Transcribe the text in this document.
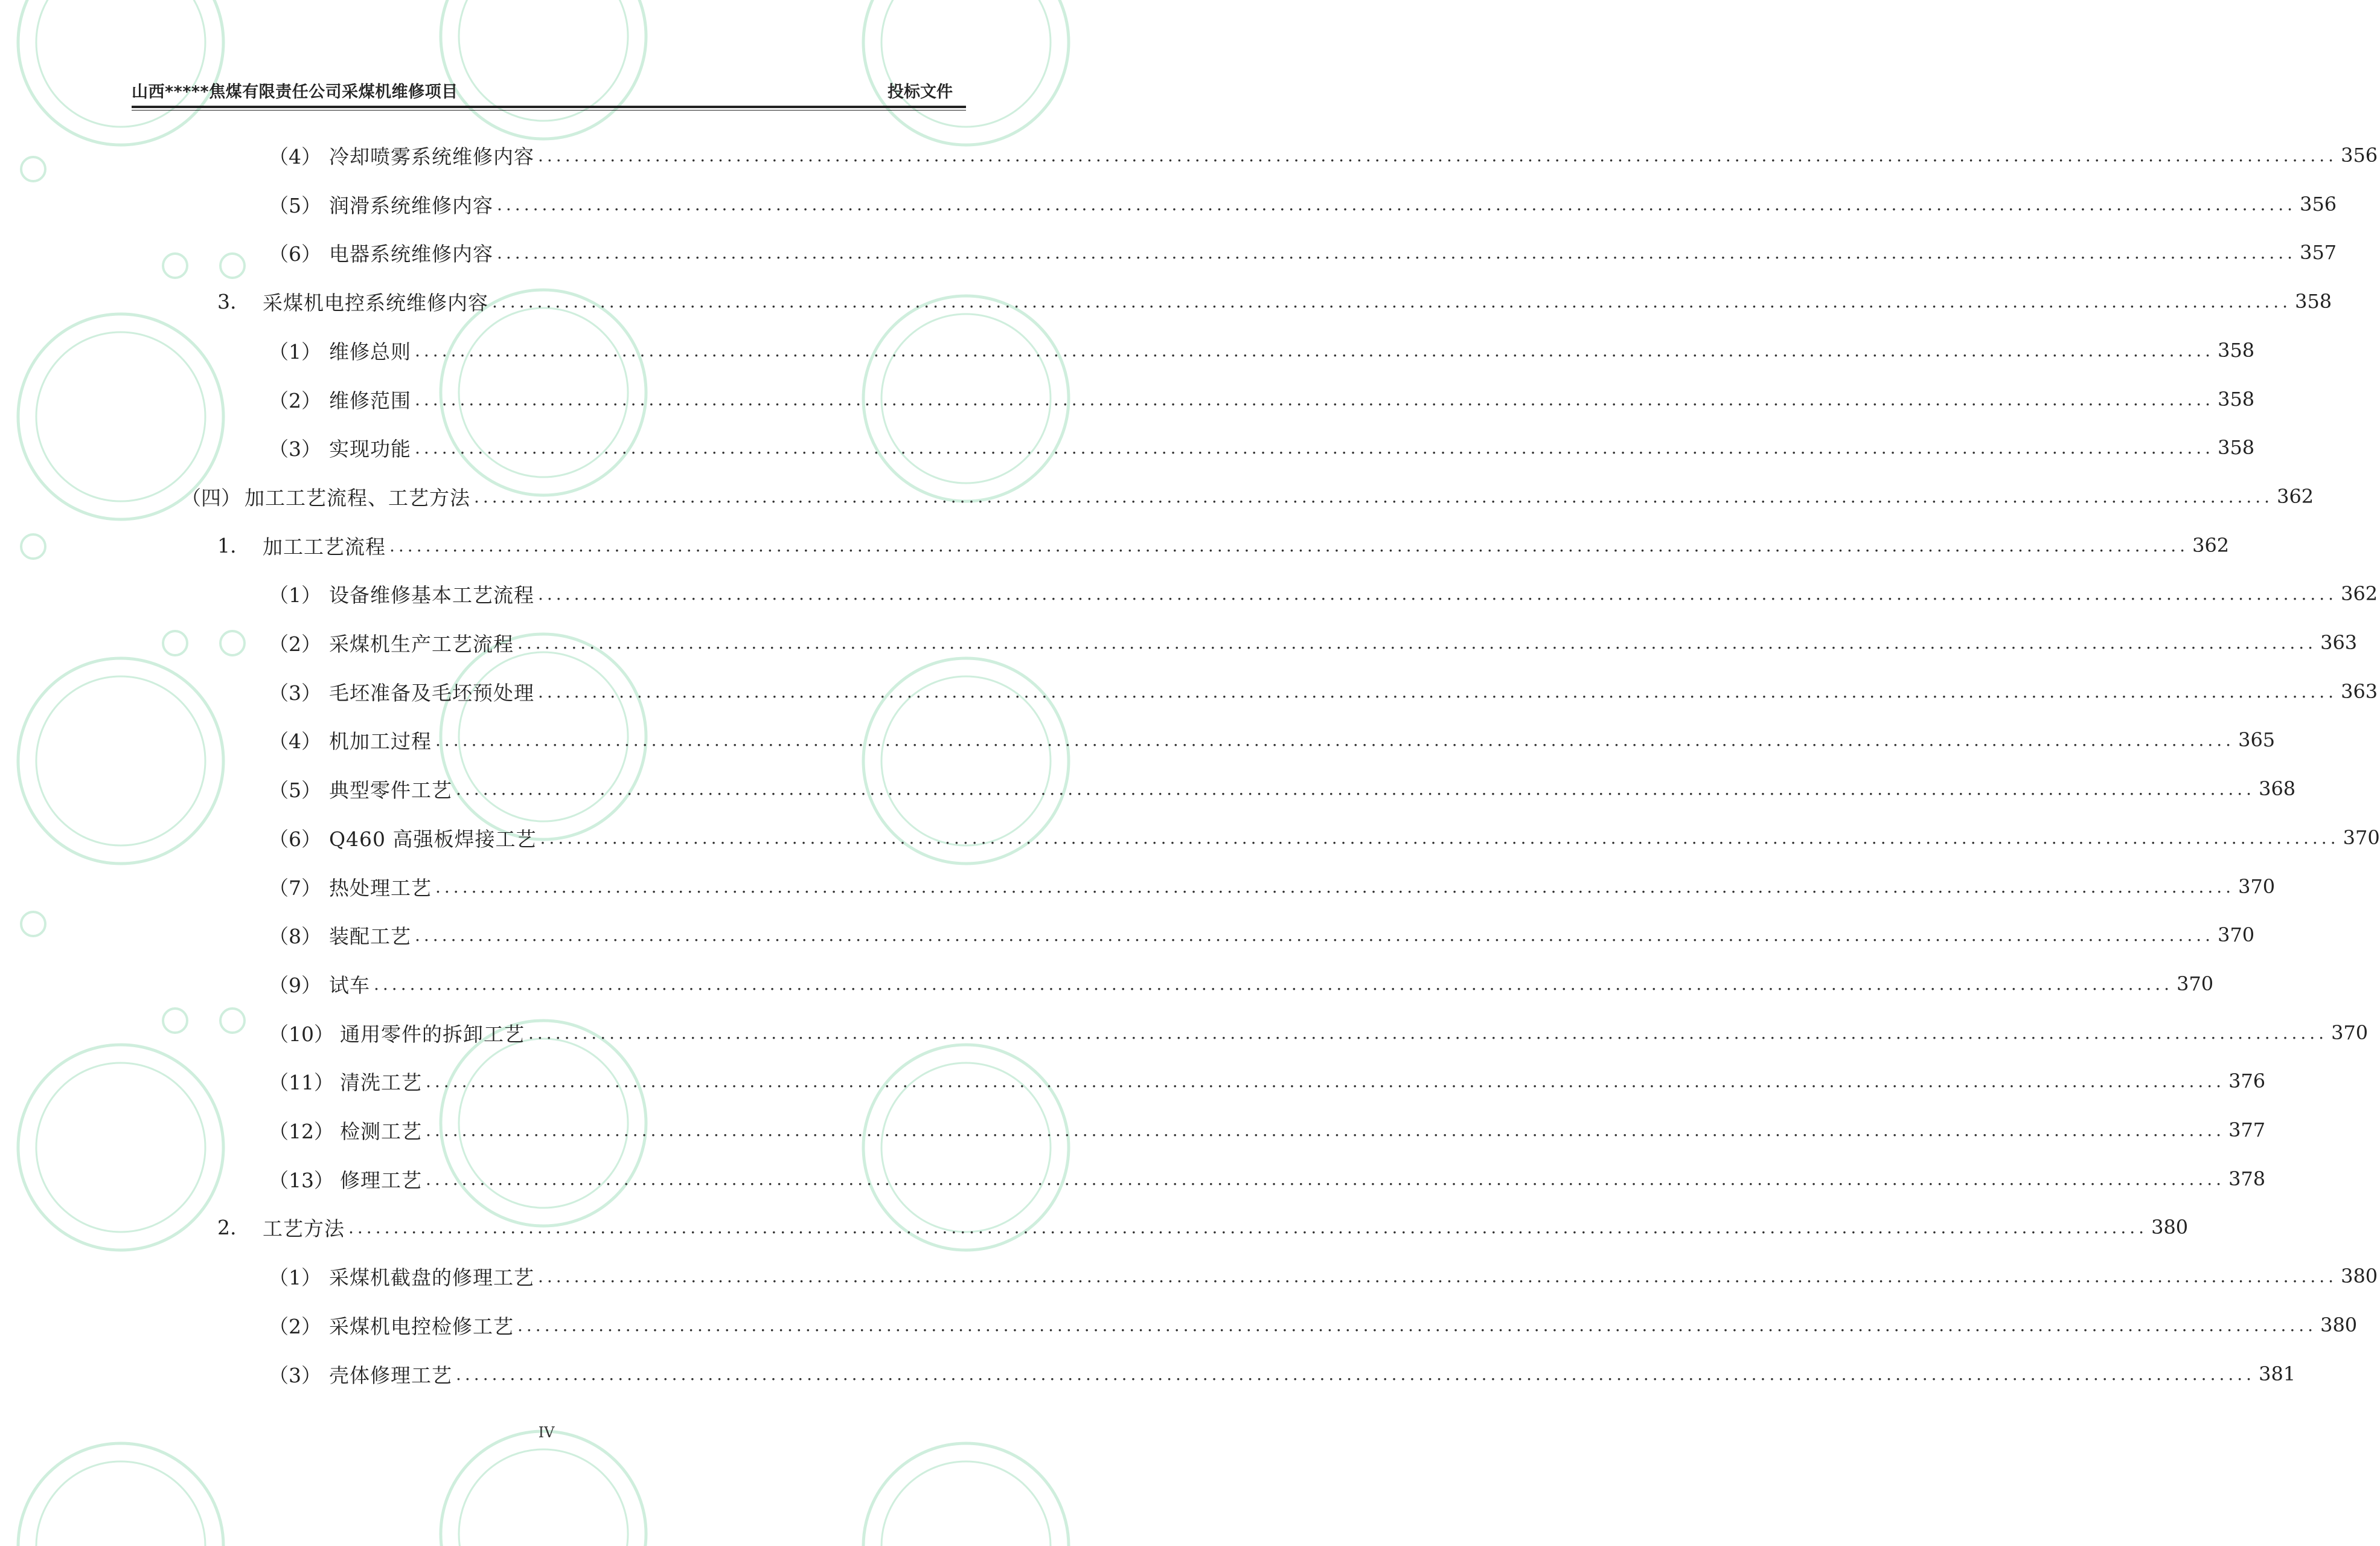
山西*****焦煤有限责任公司采煤机维修项目	投标文件
（4） 冷却喷雾系统维修内容 ........................................................................................................................................................................................................ 356
（5） 润滑系统维修内容 ........................................................................................................................................................................................................ 356
（6） 电器系统维修内容 ........................................................................................................................................................................................................ 357
3.	采煤机电控系统维修内容 ........................................................................................................................................................................................................ 358
（1） 维修总则 ........................................................................................................................................................................................................ 358
（2） 维修范围 ........................................................................................................................................................................................................ 358
（3） 实现功能 ........................................................................................................................................................................................................ 358
（四） 加工工艺流程、工艺方法 ........................................................................................................................................................................................................ 362
1.	加工工艺流程 ........................................................................................................................................................................................................ 362
（1） 设备维修基本工艺流程 ........................................................................................................................................................................................................ 362
（2） 采煤机生产工艺流程 ........................................................................................................................................................................................................ 363
（3） 毛坯准备及毛坯预处理 ........................................................................................................................................................................................................ 363
（4） 机加工过程 ........................................................................................................................................................................................................ 365
（5） 典型零件工艺 ........................................................................................................................................................................................................ 368
（6） Q460 高强板焊接工艺 ........................................................................................................................................................................................................ 370
（7） 热处理工艺 ........................................................................................................................................................................................................ 370
（8） 装配工艺 ........................................................................................................................................................................................................ 370
（9） 试车 ........................................................................................................................................................................................................ 370
（10） 通用零件的拆卸工艺 ........................................................................................................................................................................................................ 370
（11） 清洗工艺 ........................................................................................................................................................................................................ 376
（12） 检测工艺 ........................................................................................................................................................................................................ 377
（13） 修理工艺 ........................................................................................................................................................................................................ 378
2.	工艺方法 ........................................................................................................................................................................................................ 380
（1） 采煤机截盘的修理工艺 ........................................................................................................................................................................................................ 380
（2） 采煤机电控检修工艺 ........................................................................................................................................................................................................ 380
（3） 壳体修理工艺 ........................................................................................................................................................................................................ 381
IV
